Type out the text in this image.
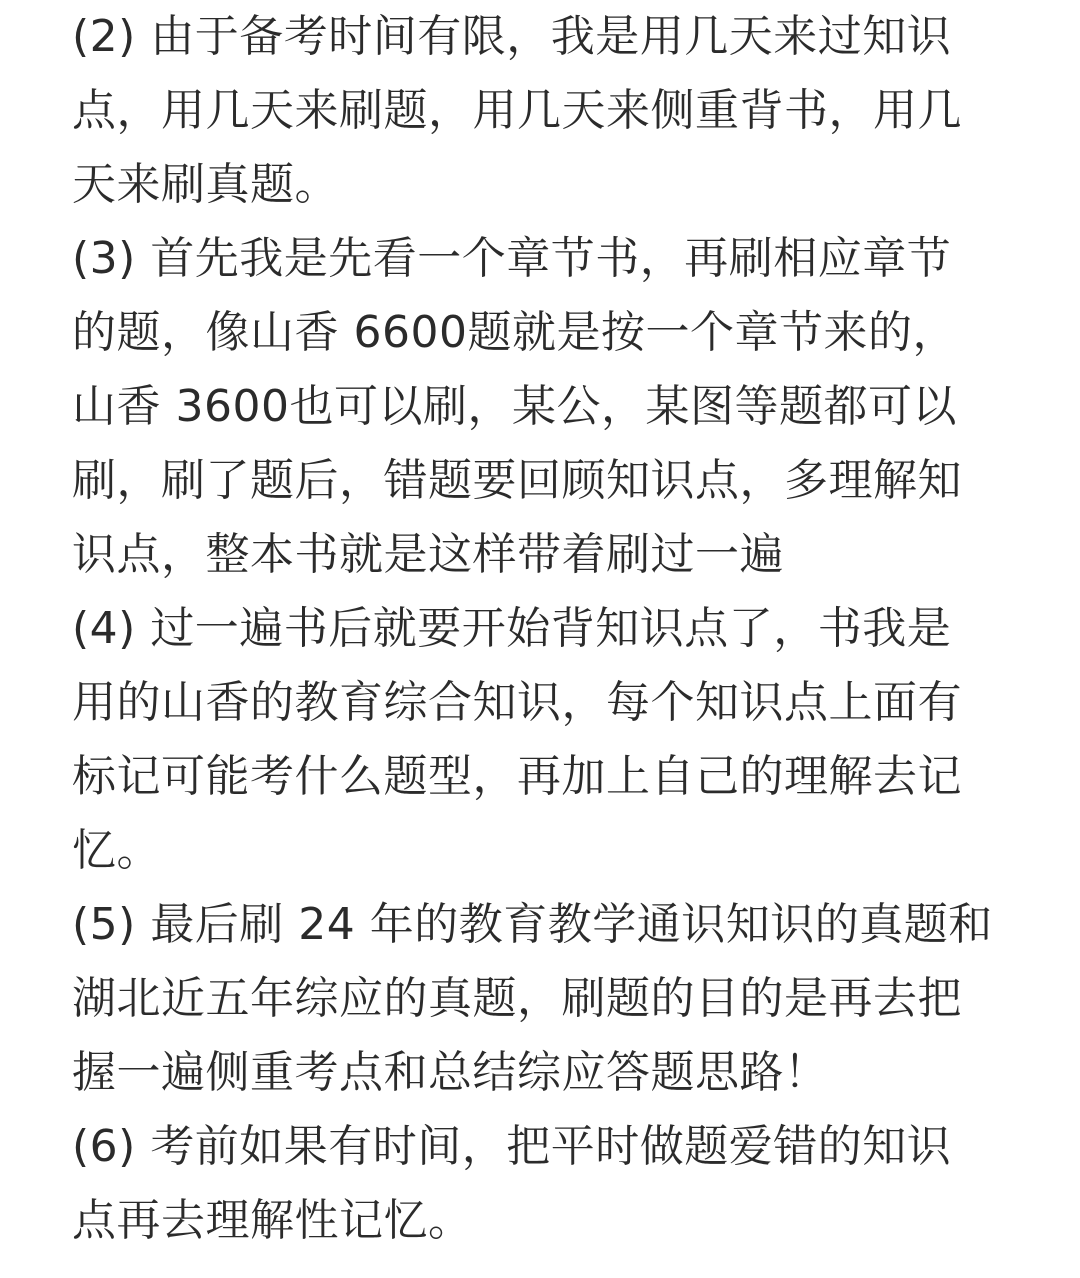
(2) 由于备考时间有限，我是用几天来过知识
点，用几天来刷题，用几天来侧重背书，用几
天来刷真题。
(3) 首先我是先看一个章节书，再刷相应章节
的题，像山香 6600题就是按一个章节来的，
山香 3600也可以刷，某公，某图等题都可以
刷，刷了题后，错题要回顾知识点，多理解知
识点，整本书就是这样带着刷过一遍
(4) 过一遍书后就要开始背知识点了，书我是
用的山香的教育综合知识，每个知识点上面有
标记可能考什么题型，再加上自己的理解去记
忆。
(5) 最后刷 24 年的教育教学通识知识的真题和
湖北近五年综应的真题，刷题的目的是再去把
握一遍侧重考点和总结综应答题思路！
(6) 考前如果有时间，把平时做题爱错的知识
点再去理解性记忆。
